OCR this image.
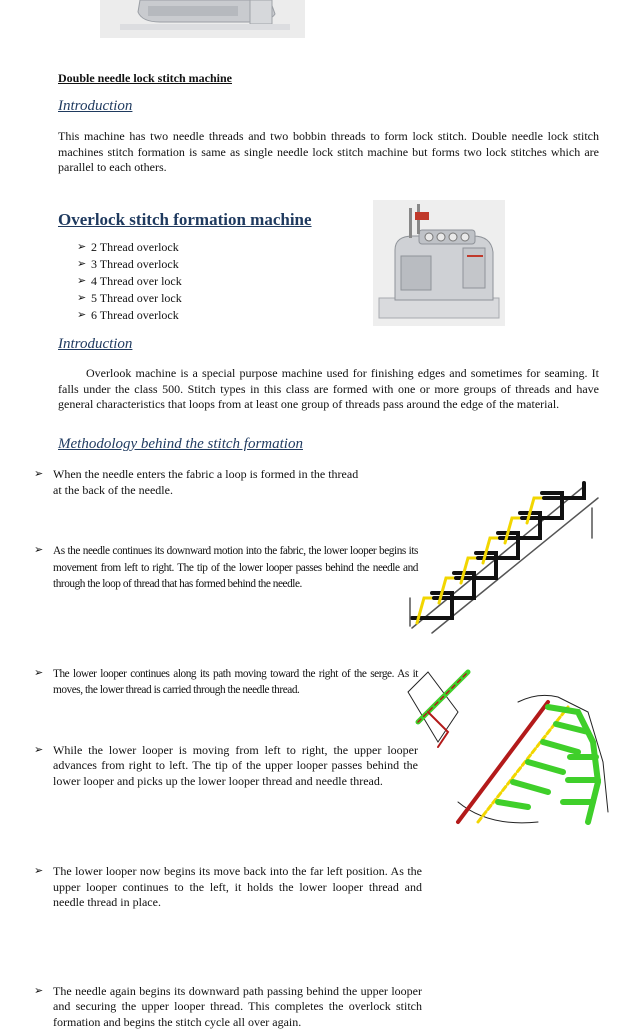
Double needle lock stitch machine
Introduction
This machine has two needle threads and two bobbin threads to form lock stitch. Double needle lock stitch machines stitch formation is same as single needle lock stitch machine but forms two lock stitches which are parallel to each others.
Overlock stitch formation machine
➢ 2 Thread overlock
➢ 3 Thread overlock
➢ 4 Thread over lock
➢ 5 Thread over lock
➢ 6 Thread overlock
Introduction
Overlook machine is a special purpose machine used for finishing edges and sometimes for seaming. It falls under the class 500. Stitch types in this class are formed with one or more groups of threads and have general characteristics that loops from at least one group of threads pass around the edge of the material.
Methodology behind the stitch formation
➢ When the needle enters the fabric a loop is formed in the thread at the back of the needle.
➢ As the needle continues its downward motion into the fabric, the lower looper begins its movement from left to right. The tip of the lower looper passes behind the needle and through the loop of thread that has formed behind the needle.
➢ The lower looper continues along its path moving toward the right of the serge. As it moves, the lower thread is carried through the needle thread.
➢ While the lower looper is moving from left to right, the upper looper advances from right to left. The tip of the upper looper passes behind the lower looper and picks up the lower looper thread and needle thread.
➢ The lower looper now begins its move back into the far left position. As the upper looper continues to the left, it holds the lower looper thread and needle thread in place.
➢ The needle again begins its downward path passing behind the upper looper and securing the upper looper thread. This completes the overlock stitch formation and begins the stitch cycle all over again.
